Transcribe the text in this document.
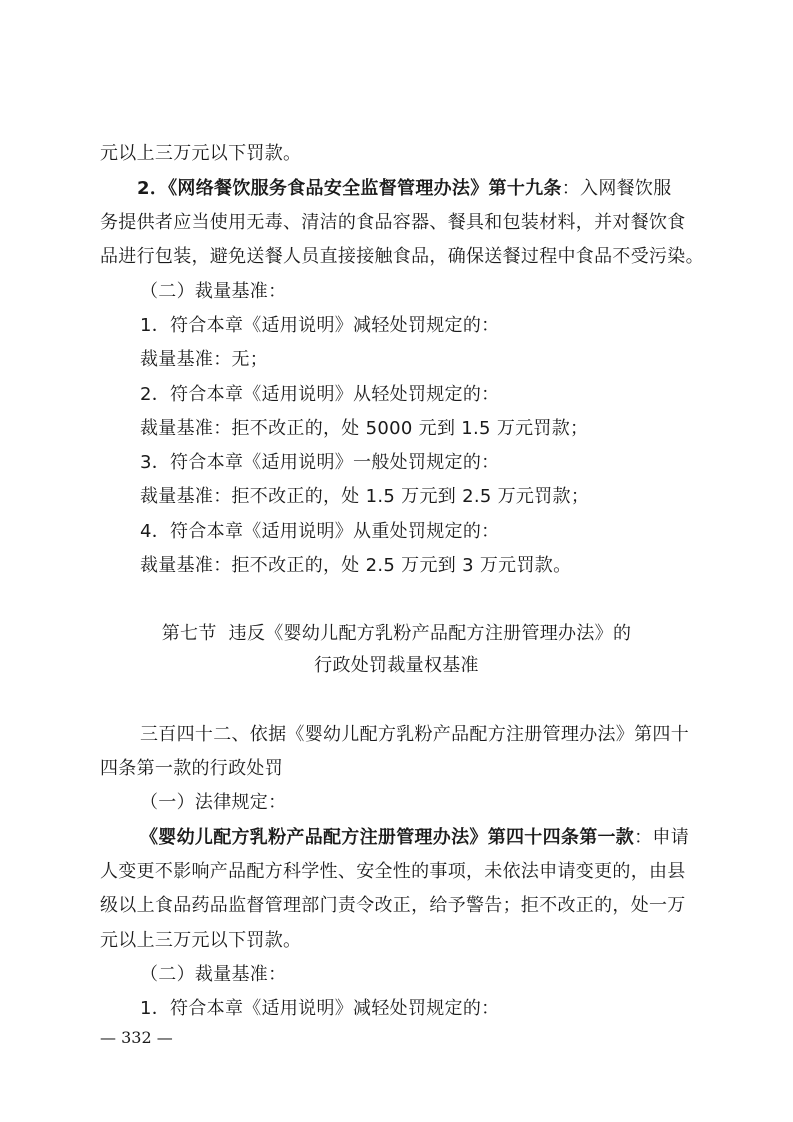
元以上三万元以下罚款。
2．《网络餐饮服务食品安全监督管理办法》第十九条：入网餐饮服
务提供者应当使用无毒、清洁的食品容器、餐具和包装材料，并对餐饮食
品进行包装，避免送餐人员直接接触食品，确保送餐过程中食品不受污染。
（二）裁量基准：
1．符合本章《适用说明》减轻处罚规定的：
裁量基准：无；
2．符合本章《适用说明》从轻处罚规定的：
裁量基准：拒不改正的，处 5000 元到 1.5 万元罚款；
3．符合本章《适用说明》一般处罚规定的：
裁量基准：拒不改正的，处 1.5 万元到 2.5 万元罚款；
4．符合本章《适用说明》从重处罚规定的：
裁量基准：拒不改正的，处 2.5 万元到 3 万元罚款。
第七节  违反《婴幼儿配方乳粉产品配方注册管理办法》的
行政处罚裁量权基准
三百四十二、依据《婴幼儿配方乳粉产品配方注册管理办法》第四十
四条第一款的行政处罚
（一）法律规定：
《婴幼儿配方乳粉产品配方注册管理办法》第四十四条第一款：申请
人变更不影响产品配方科学性、安全性的事项，未依法申请变更的，由县
级以上食品药品监督管理部门责令改正，给予警告；拒不改正的，处一万
元以上三万元以下罚款。
（二）裁量基准：
1．符合本章《适用说明》减轻处罚规定的：
— 332 —
